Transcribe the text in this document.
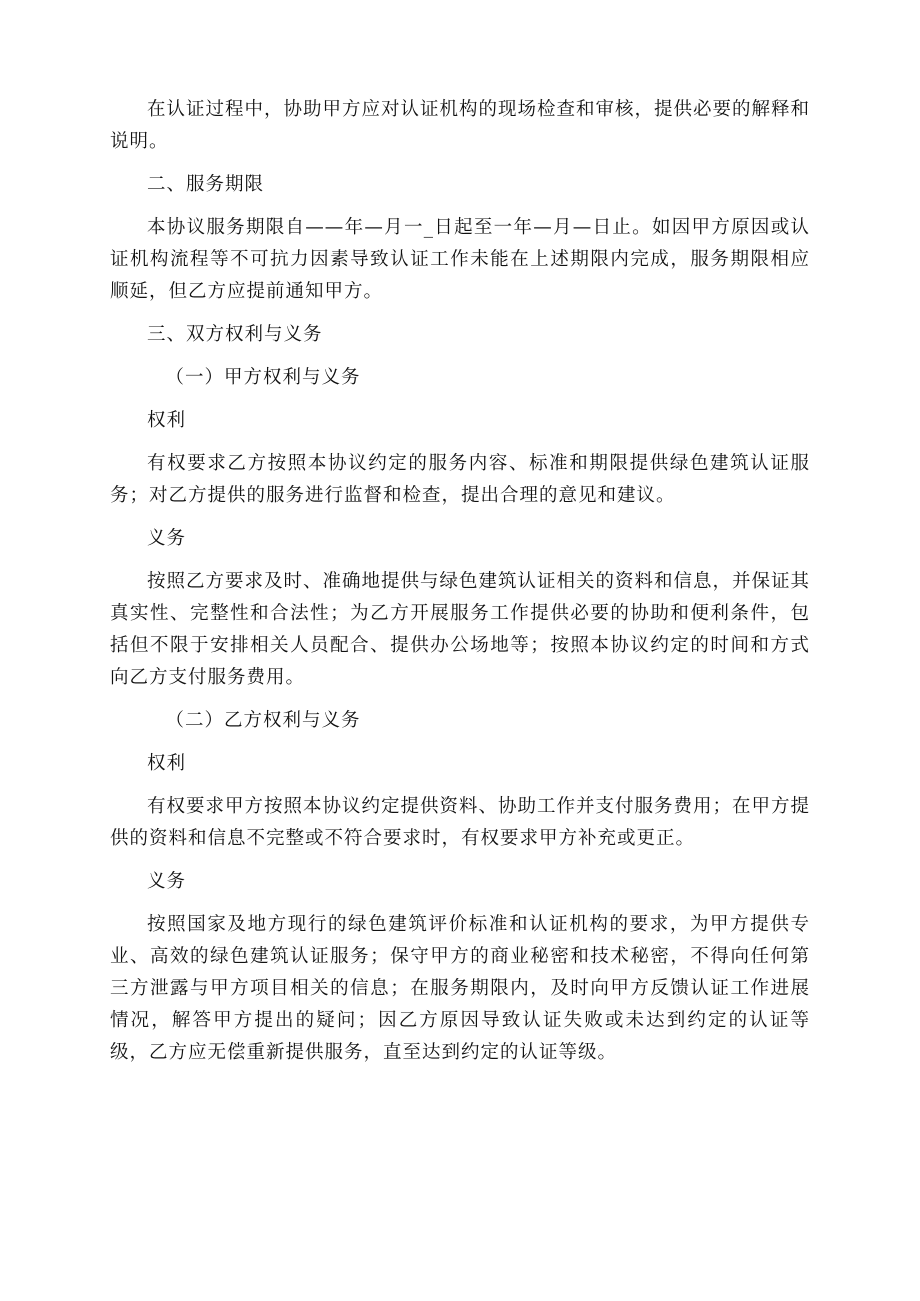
在认证过程中，协助甲方应对认证机构的现场检查和审核，提供必要的解释和说明。

二、服务期限

本协议服务期限自——年—月一_日起至一年—月—日止。如因甲方原因或认证机构流程等不可抗力因素导致认证工作未能在上述期限内完成，服务期限相应顺延，但乙方应提前通知甲方。

三、双方权利与义务

（一）甲方权利与义务

权利

有权要求乙方按照本协议约定的服务内容、标准和期限提供绿色建筑认证服务；对乙方提供的服务进行监督和检查，提出合理的意见和建议。

义务

按照乙方要求及时、准确地提供与绿色建筑认证相关的资料和信息，并保证其真实性、完整性和合法性；为乙方开展服务工作提供必要的协助和便利条件，包括但不限于安排相关人员配合、提供办公场地等；按照本协议约定的时间和方式向乙方支付服务费用。

（二）乙方权利与义务

权利

有权要求甲方按照本协议约定提供资料、协助工作并支付服务费用；在甲方提供的资料和信息不完整或不符合要求时，有权要求甲方补充或更正。

义务

按照国家及地方现行的绿色建筑评价标准和认证机构的要求，为甲方提供专业、高效的绿色建筑认证服务；保守甲方的商业秘密和技术秘密，不得向任何第三方泄露与甲方项目相关的信息；在服务期限内，及时向甲方反馈认证工作进展情况，解答甲方提出的疑问；因乙方原因导致认证失败或未达到约定的认证等级，乙方应无偿重新提供服务，直至达到约定的认证等级。
